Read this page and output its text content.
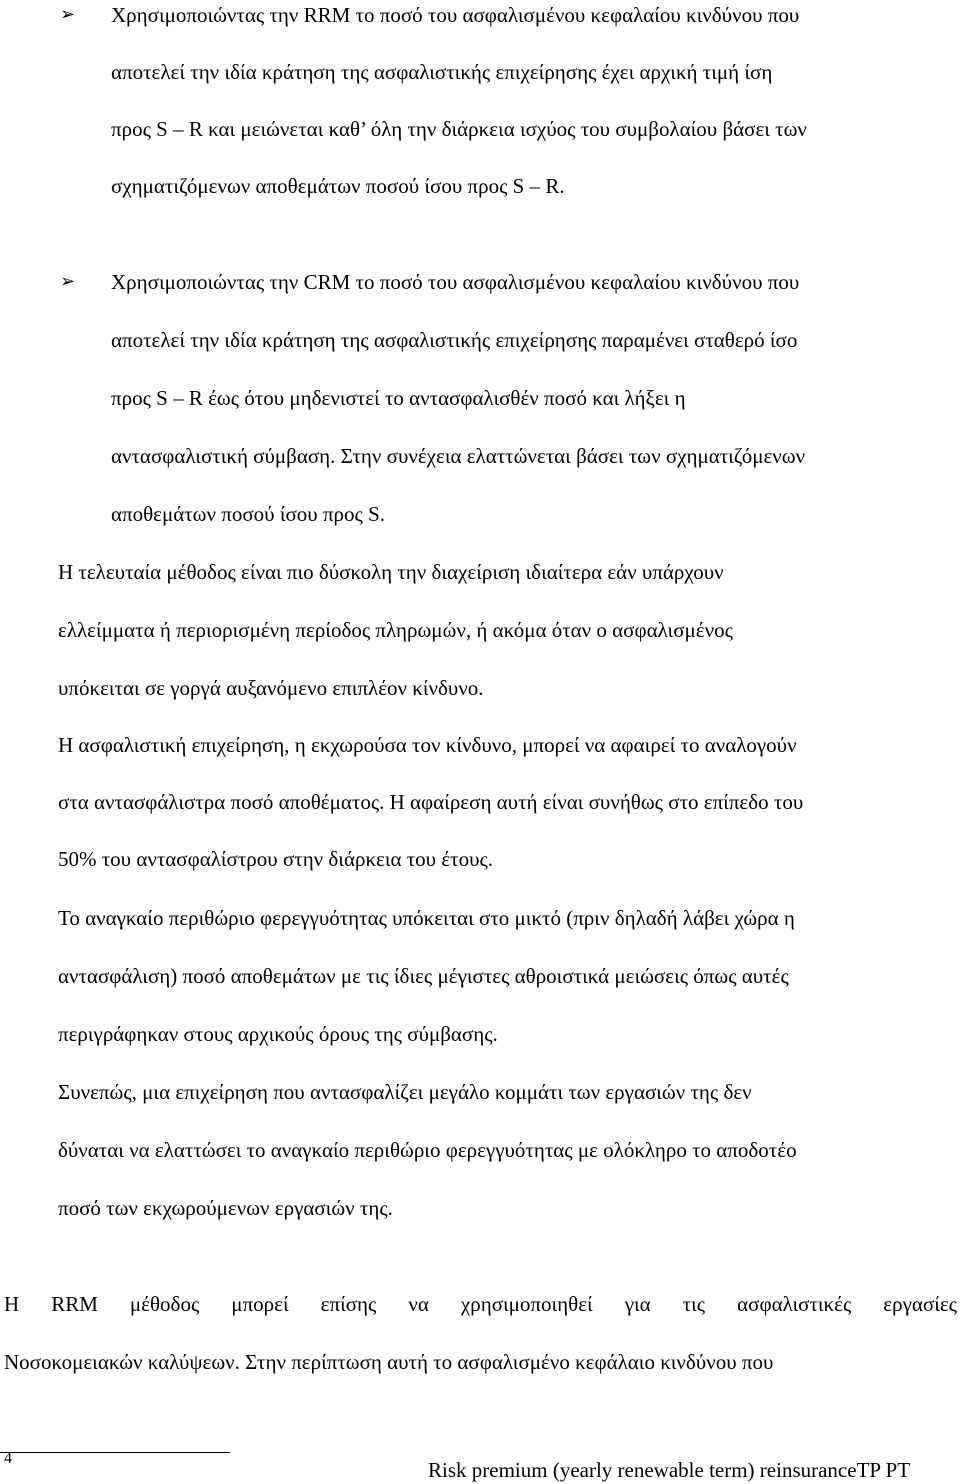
➢ Χρησιμοποιώντας την RRM το ποσό του ασφαλισμένου κεφαλαίου κινδύνου που
αποτελεί την ιδία κράτηση της ασφαλιστικής επιχείρησης έχει αρχική τιμή ίση
προς S – R και μειώνεται καθ’ όλη την διάρκεια ισχύος του συμβολαίου βάσει των
σχηματιζόμενων αποθεμάτων ποσού ίσου προς S – R.
➢ Χρησιμοποιώντας την CRM το ποσό του ασφαλισμένου κεφαλαίου κινδύνου που
αποτελεί την ιδία κράτηση της ασφαλιστικής επιχείρησης παραμένει σταθερό ίσο
προς S – R έως ότου μηδενιστεί το αντασφαλισθέν ποσό και λήξει η
αντασφαλιστική σύμβαση. Στην συνέχεια ελαττώνεται βάσει των σχηματιζόμενων
αποθεμάτων ποσού ίσου προς S.
Η τελευταία μέθοδος είναι πιο δύσκολη την διαχείριση ιδιαίτερα εάν υπάρχουν
ελλείμματα ή περιορισμένη περίοδος πληρωμών, ή ακόμα όταν ο ασφαλισμένος
υπόκειται σε γοργά αυξανόμενο επιπλέον κίνδυνο.
Η ασφαλιστική επιχείρηση, η εκχωρούσα τον κίνδυνο, μπορεί να αφαιρεί το αναλογούν
στα αντασφάλιστρα ποσό αποθέματος. Η αφαίρεση αυτή είναι συνήθως στο επίπεδο του
50% του αντασφαλίστρου στην διάρκεια του έτους.
Το αναγκαίο περιθώριο φερεγγυότητας υπόκειται στο μικτό (πριν δηλαδή λάβει χώρα η
αντασφάλιση) ποσό αποθεμάτων με τις ίδιες μέγιστες αθροιστικά μειώσεις όπως αυτές
περιγράφηκαν στους αρχικούς όρους της σύμβασης.
Συνεπώς, μια επιχείρηση που αντασφαλίζει μεγάλο κομμάτι των εργασιών της δεν
δύναται να ελαττώσει το αναγκαίο περιθώριο φερεγγυότητας με ολόκληρο το αποδοτέο
ποσό των εκχωρούμενων εργασιών της.
Η RRM μέθοδος μπορεί επίσης να χρησιμοποιηθεί για τις ασφαλιστικές εργασίες
Νοσοκομειακών καλύψεων. Στην περίπτωση αυτή το ασφαλισμένο κεφάλαιο κινδύνου που
4	Risk premium (yearly renewable term) reinsuranceTP PT
